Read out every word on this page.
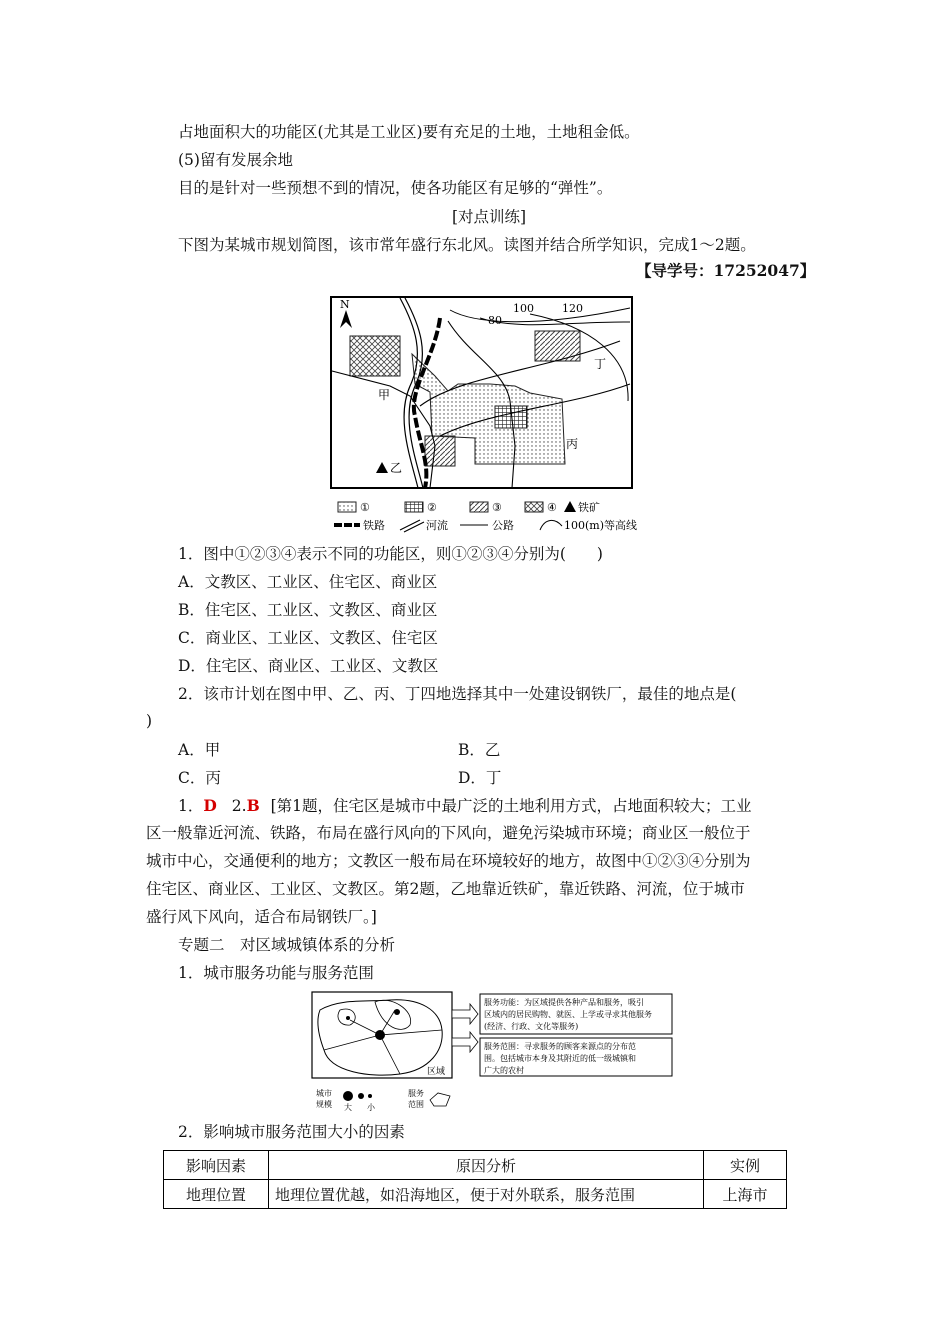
占地面积大的功能区(尤其是工业区)要有充足的土地，土地租金低。
(5)留有发展余地
目的是针对一些预想不到的情况，使各功能区有足够的“弹性”。
[对点训练]
下图为某城市规划简图，该市常年盛行东北风。读图并结合所学知识，完成1～2题。
【导学号：17252047】
N	100	120
80
甲
乙
丙
丁
①	②	③	④ 铁矿
铁路	河流	公路	100(m)等高线
1．图中①②③④表示不同的功能区，则①②③④分别为(　　)
A．文教区、工业区、住宅区、商业区
B．住宅区、工业区、文教区、商业区
C．商业区、工业区、文教区、住宅区
D．住宅区、商业区、工业区、文教区
2．该市计划在图中甲、乙、丙、丁四地选择其中一处建设钢铁厂，最佳的地点是(
)
A．甲	B．乙
C．丙	D．丁
1．D 2.B [第1题，住宅区是城市中最广泛的土地利用方式，占地面积较大；工业
区一般靠近河流、铁路，布局在盛行风向的下风向，避免污染城市环境；商业区一般位于
城市中心，交通便利的地方；文教区一般布局在环境较好的地方，故图中①②③④分别为
住宅区、商业区、工业区、文教区。第2题，乙地靠近铁矿，靠近铁路、河流，位于城市
盛行风下风向，适合布局钢铁厂。]
专题二　对区域城镇体系的分析
1．城市服务功能与服务范围
区域
服务功能：为区域提供各种产品和服务，吸引
区域内的居民购物、就医、上学或寻求其他服务
(经济、行政、文化等服务)
服务范围：寻求服务的顾客来源点的分布范
围。包括城市本身及其附近的低一级城镇和
广大的农村
城市
规模 大 小
服务
范围
2．影响城市服务范围大小的因素
影响因素	原因分析	实例
地理位置	地理位置优越，如沿海地区，便于对外联系，服务范围	上海市
